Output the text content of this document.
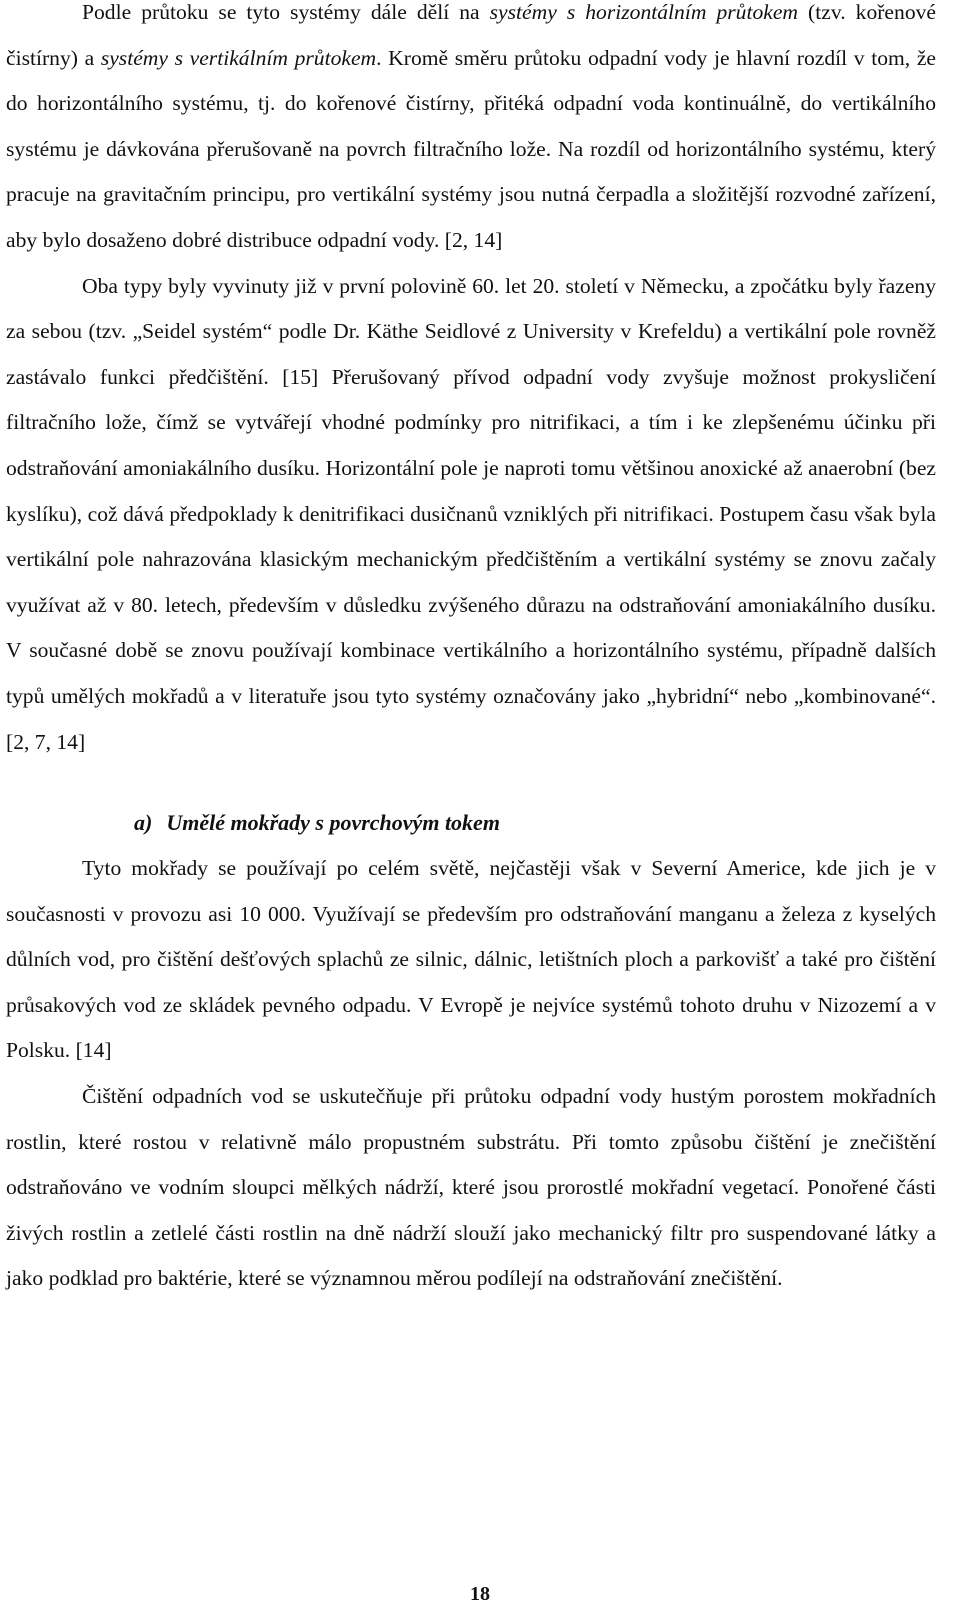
Podle průtoku se tyto systémy dále dělí na systémy s horizontálním průtokem (tzv. kořenové čistírny) a systémy s vertikálním průtokem. Kromě směru průtoku odpadní vody je hlavní rozdíl v tom, že do horizontálního systému, tj. do kořenové čistírny, přitéká odpadní voda kontinuálně, do vertikálního systému je dávkována přerušovaně na povrch filtračního lože. Na rozdíl od horizontálního systému, který pracuje na gravitačním principu, pro vertikální systémy jsou nutná čerpadla a složitější rozvodné zařízení, aby bylo dosaženo dobré distribuce odpadní vody. [2, 14]

Oba typy byly vyvinuty již v první polovině 60. let 20. století v Německu, a zpočátku byly řazeny za sebou (tzv. „Seidel systém“ podle Dr. Käthe Seidlové z University v Krefeldu) a vertikální pole rovněž zastávalo funkci předčištění. [15] Přerušovaný přívod odpadní vody zvyšuje možnost prokysličení filtračního lože, čímž se vytvářejí vhodné podmínky pro nitrifikaci, a tím i ke zlepšenému účinku při odstraňování amoniakálního dusíku. Horizontální pole je naproti tomu většinou anoxické až anaerobní (bez kyslíku), což dává předpoklady k denitrifikaci dusičnanů vzniklých při nitrifikaci. Postupem času však byla vertikální pole nahrazována klasickým mechanickým předčištěním a vertikální systémy se znovu začaly využívat až v 80. letech, především v důsledku zvýšeného důrazu na odstraňování amoniakálního dusíku. V současné době se znovu používají kombinace vertikálního a horizontálního systému, případně dalších typů umělých mokřadů a v literatuře jsou tyto systémy označovány jako „hybridní“ nebo „kombinované“. [2, 7, 14]

a) Umělé mokřady s povrchovým tokem

Tyto mokřady se používají po celém světě, nejčastěji však v Severní Americe, kde jich je v současnosti v provozu asi 10 000. Využívají se především pro odstraňování manganu a železa z kyselých důlních vod, pro čištění dešťových splachů ze silnic, dálnic, letištních ploch a parkovišť a také pro čištění průsakových vod ze skládek pevného odpadu. V Evropě je nejvíce systémů tohoto druhu v Nizozemí a v Polsku. [14]

Čištění odpadních vod se uskutečňuje při průtoku odpadní vody hustým porostem mokřadních rostlin, které rostou v relativně málo propustném substrátu. Při tomto způsobu čištění je znečištění odstraňováno ve vodním sloupci mělkých nádrží, které jsou prorostlé mokřadní vegetací. Ponořené části živých rostlin a zetlelé části rostlin na dně nádrží slouží jako mechanický filtr pro suspendované látky a jako podklad pro baktérie, které se významnou měrou podílejí na odstraňování znečištění.

18
